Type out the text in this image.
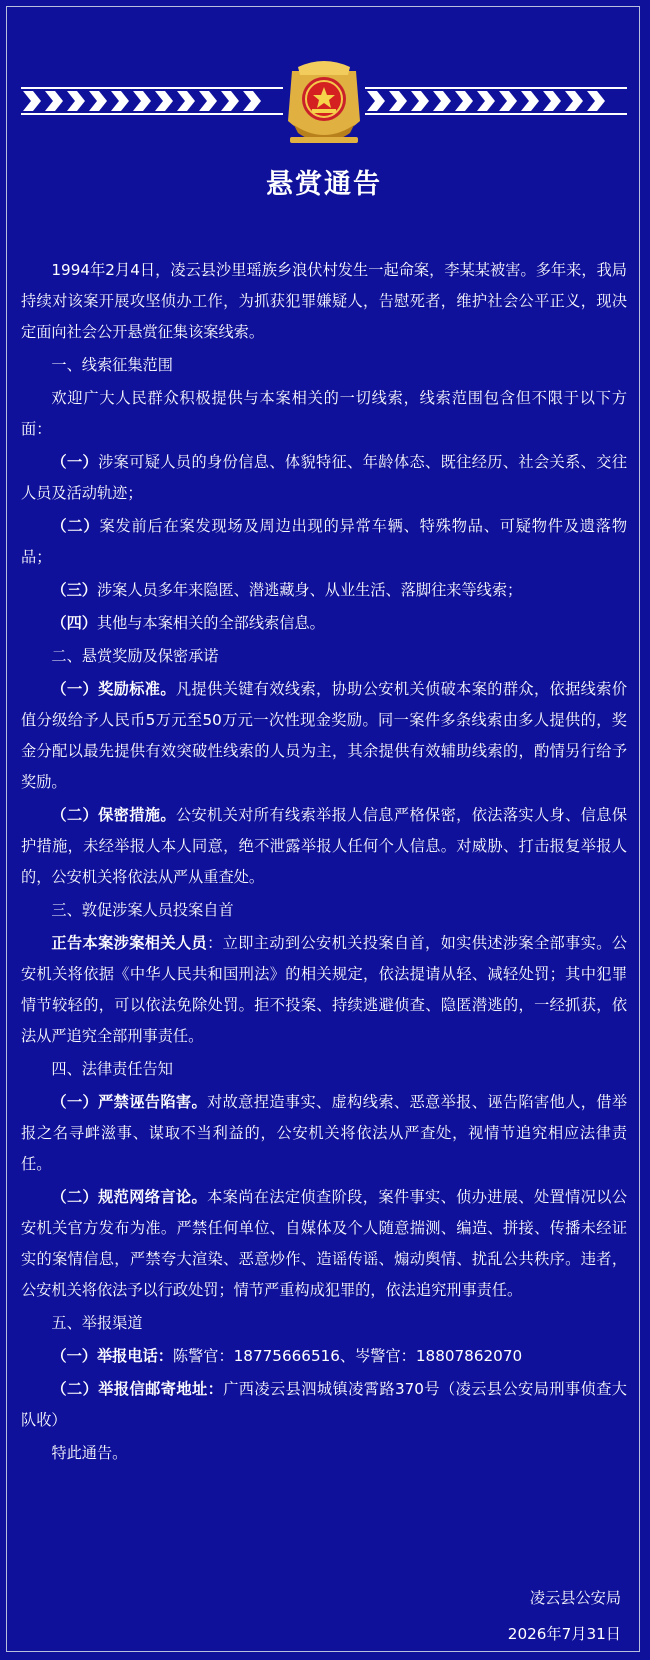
悬赏通告

1994年2月4日，凌云县沙里瑶族乡浪伏村发生一起命案，李某某被害。多年来，我局持续对该案开展攻坚侦办工作，为抓获犯罪嫌疑人，告慰死者，维护社会公平正义，现决定面向社会公开悬赏征集该案线索。

一、线索征集范围

欢迎广大人民群众积极提供与本案相关的一切线索，线索范围包含但不限于以下方面：

（一）涉案可疑人员的身份信息、体貌特征、年龄体态、既往经历、社会关系、交往人员及活动轨迹；

（二）案发前后在案发现场及周边出现的异常车辆、特殊物品、可疑物件及遗落物品；

（三）涉案人员多年来隐匿、潜逃藏身、从业生活、落脚往来等线索；

（四）其他与本案相关的全部线索信息。

二、悬赏奖励及保密承诺

（一）奖励标准。凡提供关键有效线索，协助公安机关侦破本案的群众，依据线索价值分级给予人民币5万元至50万元一次性现金奖励。同一案件多条线索由多人提供的，奖金分配以最先提供有效突破性线索的人员为主，其余提供有效辅助线索的，酌情另行给予奖励。

（二）保密措施。公安机关对所有线索举报人信息严格保密，依法落实人身、信息保护措施，未经举报人本人同意，绝不泄露举报人任何个人信息。对威胁、打击报复举报人的，公安机关将依法从严从重查处。

三、敦促涉案人员投案自首

正告本案涉案相关人员：立即主动到公安机关投案自首，如实供述涉案全部事实。公安机关将依据《中华人民共和国刑法》的相关规定，依法提请从轻、减轻处罚；其中犯罪情节较轻的，可以依法免除处罚。拒不投案、持续逃避侦查、隐匿潜逃的，一经抓获，依法从严追究全部刑事责任。

四、法律责任告知

（一）严禁诬告陷害。对故意捏造事实、虚构线索、恶意举报、诬告陷害他人，借举报之名寻衅滋事、谋取不当利益的，公安机关将依法从严查处，视情节追究相应法律责任。

（二）规范网络言论。本案尚在法定侦查阶段，案件事实、侦办进展、处置情况以公安机关官方发布为准。严禁任何单位、自媒体及个人随意揣测、编造、拼接、传播未经证实的案情信息，严禁夸大渲染、恶意炒作、造谣传谣、煽动舆情、扰乱公共秩序。违者，公安机关将依法予以行政处罚；情节严重构成犯罪的，依法追究刑事责任。

五、举报渠道

（一）举报电话：陈警官：18775666516、岑警官：18807862070

（二）举报信邮寄地址：广西凌云县泗城镇凌霄路370号（凌云县公安局刑事侦查大队收）

特此通告。

凌云县公安局
2026年7月31日
